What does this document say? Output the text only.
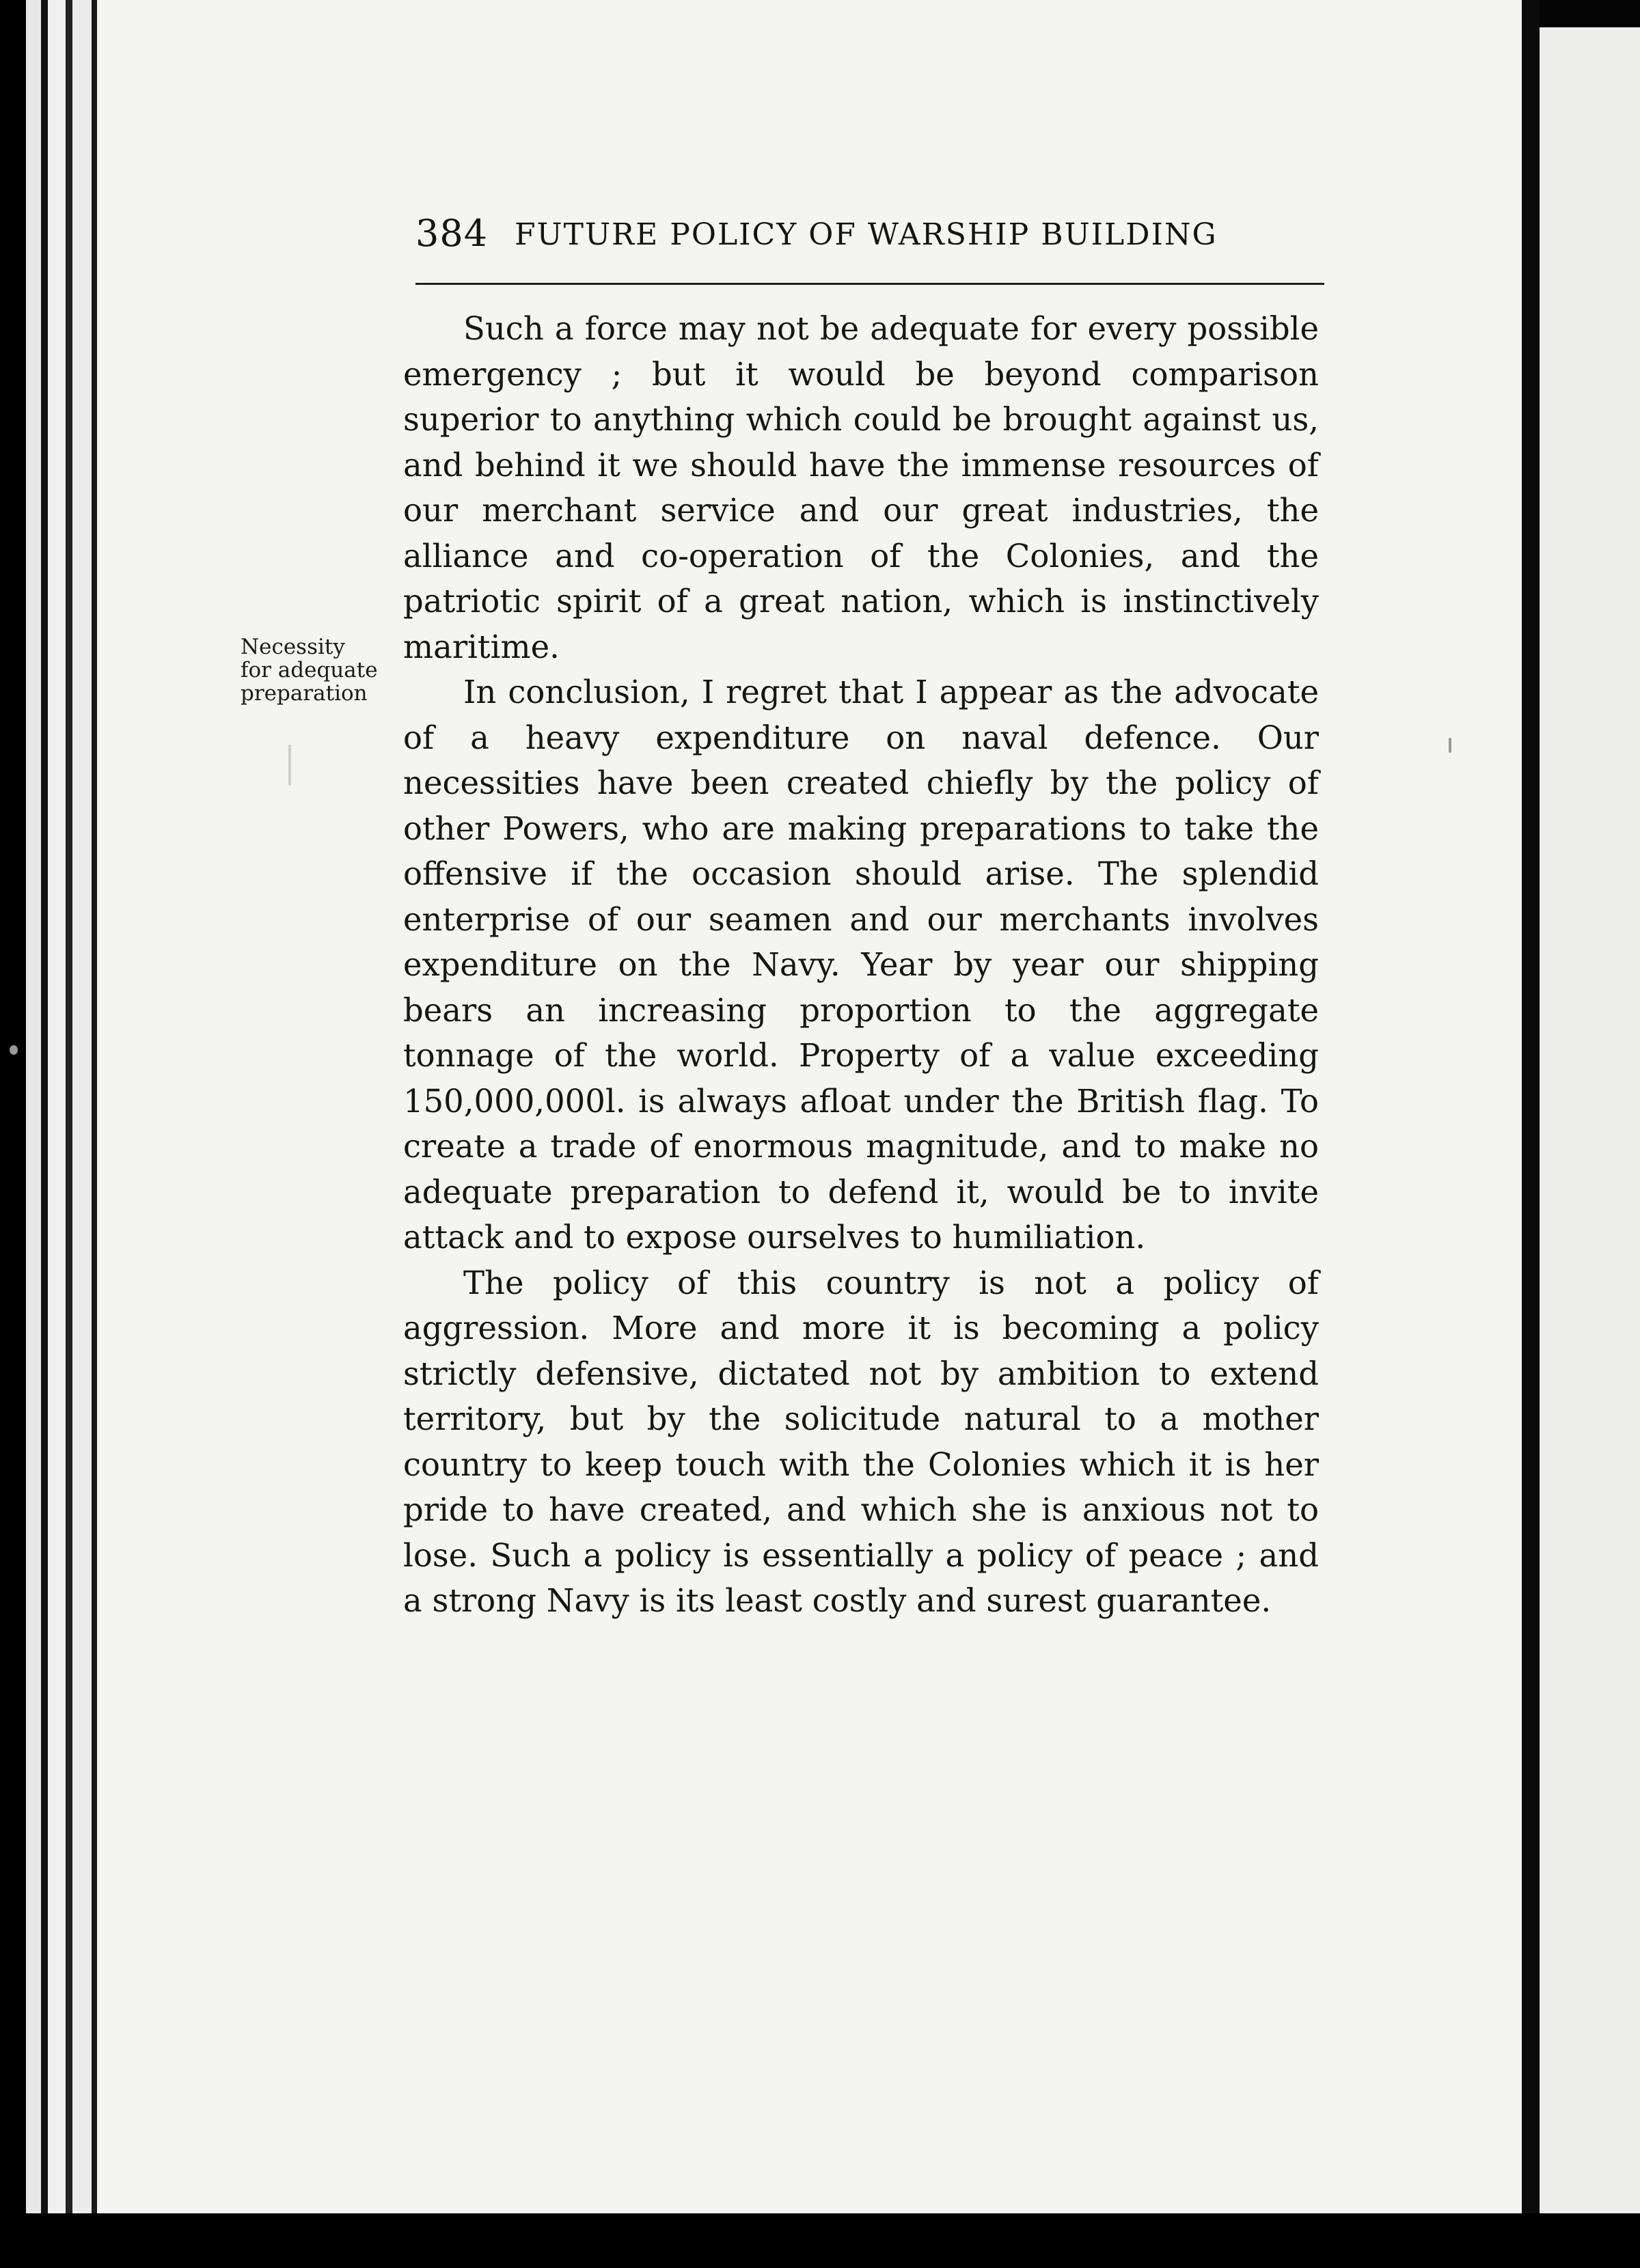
384 FUTURE POLICY OF WARSHIP BUILDING
Necessity
for adequate
preparation

Such a force may not be adequate for every possible emergency ; but it would be beyond comparison superior to anything which could be brought against us, and behind it we should have the immense resources of our merchant service and our great industries, the alliance and co-operation of the Colonies, and the patriotic spirit of a great nation, which is instinctively maritime.

In conclusion, I regret that I appear as the advocate of a heavy expenditure on naval defence. Our necessities have been created chiefly by the policy of other Powers, who are making preparations to take the offensive if the occasion should arise. The splendid enterprise of our seamen and our merchants involves expenditure on the Navy. Year by year our shipping bears an increasing proportion to the aggregate tonnage of the world. Property of a value exceeding 150,000,000l. is always afloat under the British flag. To create a trade of enormous magnitude, and to make no adequate preparation to defend it, would be to invite attack and to expose ourselves to humiliation.

The policy of this country is not a policy of aggression. More and more it is becoming a policy strictly defensive, dictated not by ambition to extend territory, but by the solicitude natural to a mother country to keep touch with the Colonies which it is her pride to have created, and which she is anxious not to lose. Such a policy is essentially a policy of peace ; and a strong Navy is its least costly and surest guarantee.
